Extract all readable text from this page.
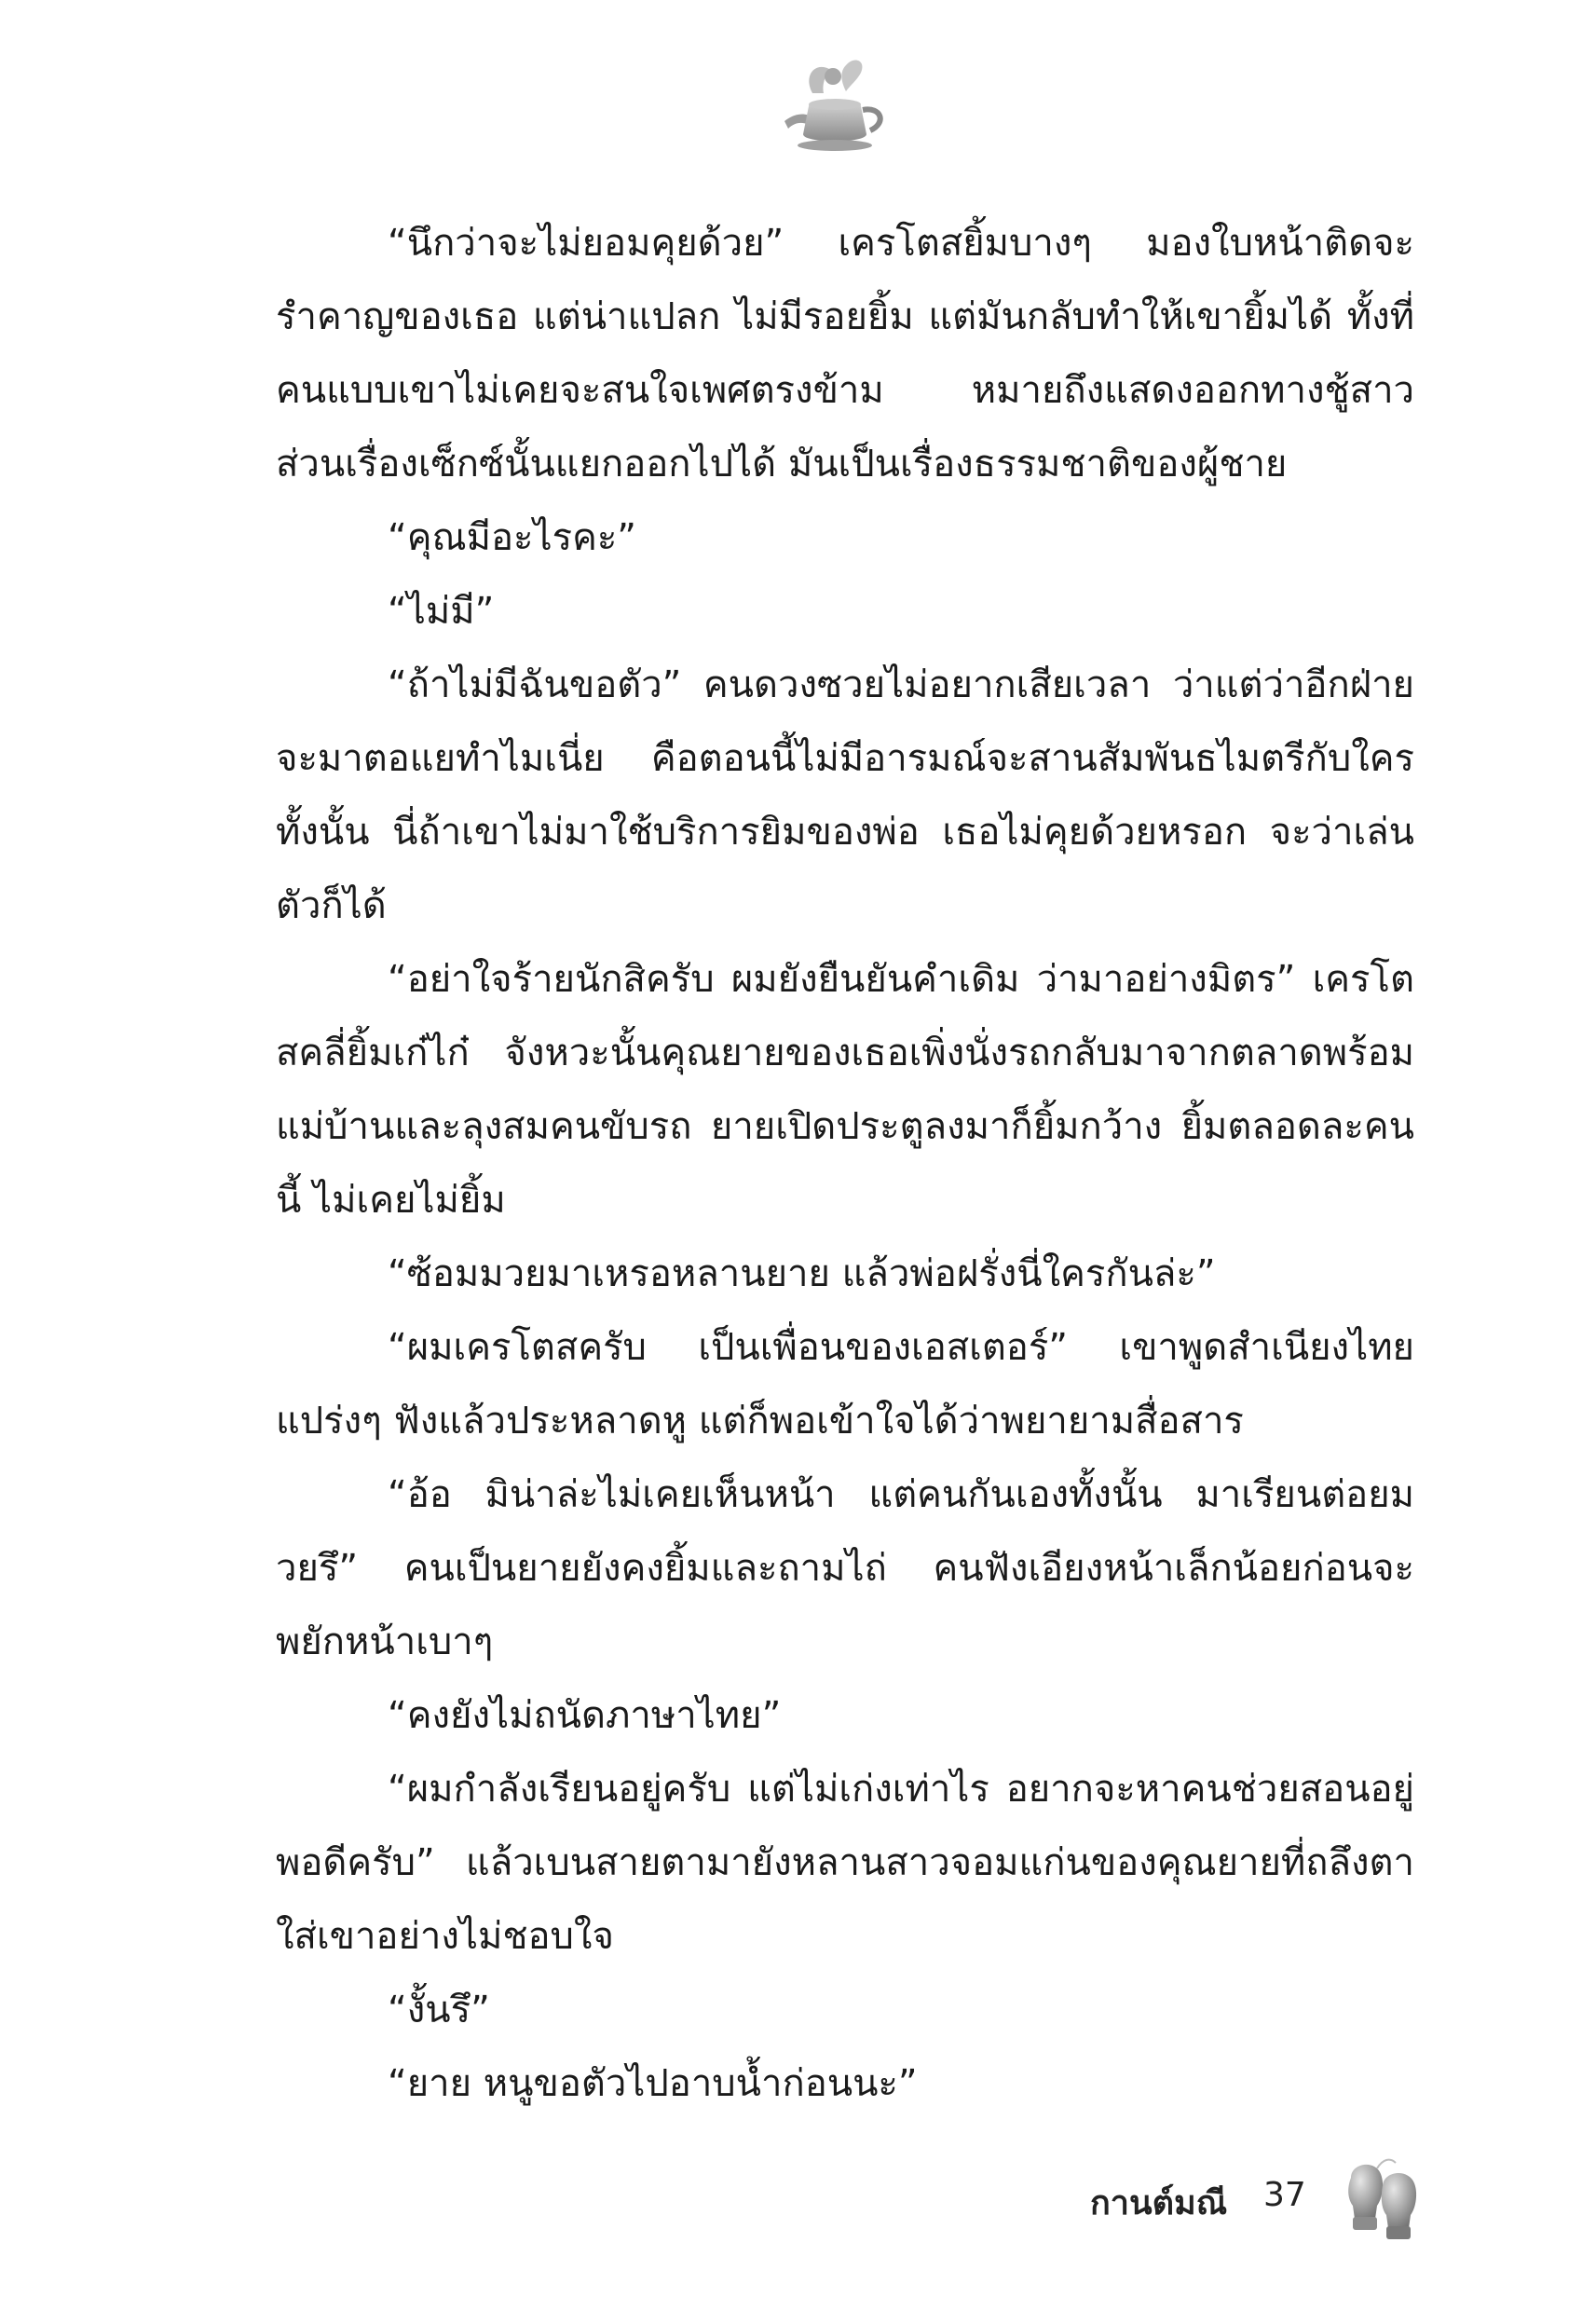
“นึกว่าจะไม่ยอมคุยด้วย” เครโตสยิ้มบางๆ มองใบหน้าติดจะรำคาญของเธอ แต่น่าแปลก ไม่มีรอยยิ้ม แต่มันกลับทำให้เขายิ้มได้ ทั้งที่คนแบบเขาไม่เคยจะสนใจเพศตรงข้าม หมายถึงแสดงออกทางชู้สาว ส่วนเรื่องเซ็กซ์นั้นแยกออกไปได้ มันเป็นเรื่องธรรมชาติของผู้ชาย

“คุณมีอะไรคะ”

“ไม่มี”

“ถ้าไม่มีฉันขอตัว” คนดวงซวยไม่อยากเสียเวลา ว่าแต่ว่าอีกฝ่ายจะมาตอแยทำไมเนี่ย คือตอนนี้ไม่มีอารมณ์จะสานสัมพันธไมตรีกับใครทั้งนั้น นี่ถ้าเขาไม่มาใช้บริการยิมของพ่อ เธอไม่คุยด้วยหรอก จะว่าเล่นตัวก็ได้

“อย่าใจร้ายนักสิครับ ผมยังยืนยันคำเดิม ว่ามาอย่างมิตร” เครโตสคลี่ยิ้มเก๋ไก๋ จังหวะนั้นคุณยายของเธอเพิ่งนั่งรถกลับมาจากตลาดพร้อมแม่บ้านและลุงสมคนขับรถ ยายเปิดประตูลงมาก็ยิ้มกว้าง ยิ้มตลอดละคนนี้ ไม่เคยไม่ยิ้ม

“ซ้อมมวยมาเหรอหลานยาย แล้วพ่อฝรั่งนี่ใครกันล่ะ”

“ผมเครโตสครับ เป็นเพื่อนของเอสเตอร์” เขาพูดสำเนียงไทยแปร่งๆ ฟังแล้วประหลาดหู แต่ก็พอเข้าใจได้ว่าพยายามสื่อสาร

“อ้อ มิน่าล่ะไม่เคยเห็นหน้า แต่คนกันเองทั้งนั้น มาเรียนต่อยมวยรึ” คนเป็นยายยังคงยิ้มและถามไถ่ คนฟังเอียงหน้าเล็กน้อยก่อนจะพยักหน้าเบาๆ

“คงยังไม่ถนัดภาษาไทย”

“ผมกำลังเรียนอยู่ครับ แต่ไม่เก่งเท่าไร อยากจะหาคนช่วยสอนอยู่พอดีครับ” แล้วเบนสายตามายังหลานสาวจอมแก่นของคุณยายที่ถลึงตาใส่เขาอย่างไม่ชอบใจ

“งั้นรึ”

“ยาย หนูขอตัวไปอาบน้ำก่อนนะ”

กานต์มณี 37
